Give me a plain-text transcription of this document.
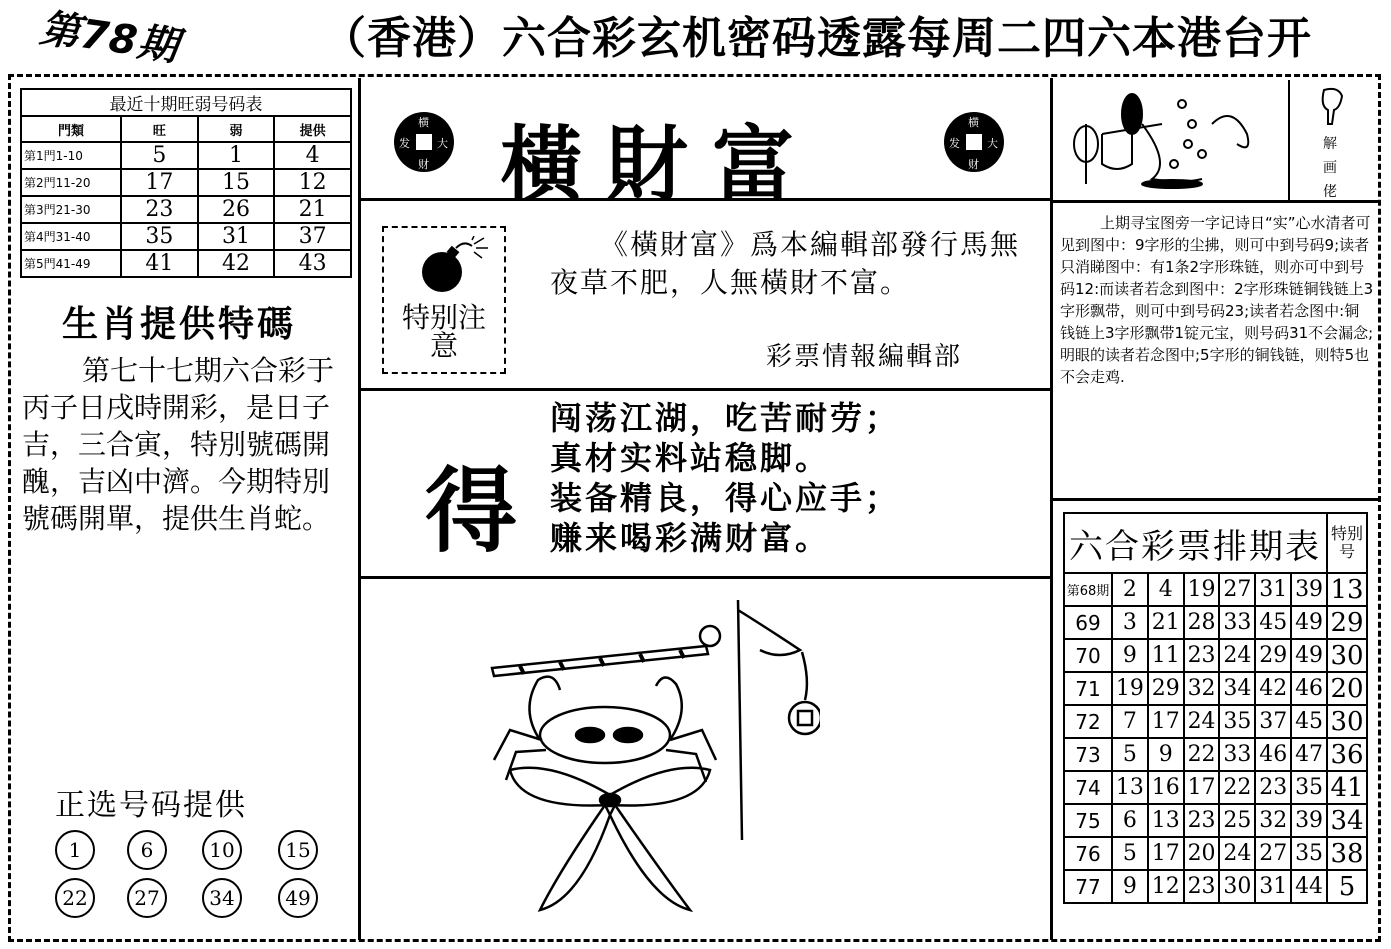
第78期	（香港）六合彩玄机密码透露每周二四六本港台开
最近十期旺弱号码表			
門類	旺	弱	提供
第1門1-10	5	1	4
第2門11-20	17	15	12
第3門21-30	23	26	21
第4門31-40	35	31	37
第5門41-49	41	42	43
生肖提供特碼
第七十七期六合彩于丙子日戌時開彩，是日子吉，三合寅，特別號碼開醜，吉凶中濟。今期特別號碼開單，提供生肖蛇。
正选号码提供
1	6	10	15
22	27	34	49
横
大
财
发 橫財富	横
大
财
发
特别注意
《橫財富》爲本編輯部發行馬無夜草不肥，人無橫財不富。
彩票情報編輯部
得
闯荡江湖，吃苦耐劳；
真材实料站稳脚。
装备精良，得心应手；
赚来喝彩满财富。
解画佬
上期寻宝图旁一字记诗日“实”心水清者可见到图中：9字形的尘拂，则可中到号码9;读者只消睇图中：有1条2字形珠链，则亦可中到号码12:而读者若念到图中：2字形珠链铜钱链上3字形飘带，则可中到号码23;读者若念图中:铜钱链上3字形飘带1锭元宝，则号码31不会漏念;明眼的读者若念图中;5字形的铜钱链，则特5也不会走鸡.
六合彩票排期表							特别号
第68期	2	4	19	27	31	39	13
69	3	21	28	33	45	49	29
70	9	11	23	24	29	49	30
71	19	29	32	34	42	46	20
72	7	17	24	35	37	45	30
73	5	9	22	33	46	47	36
74	13	16	17	22	23	35	41
75	6	13	23	25	32	39	34
76	5	17	20	24	27	35	38
77	9	12	23	30	31	44	5
